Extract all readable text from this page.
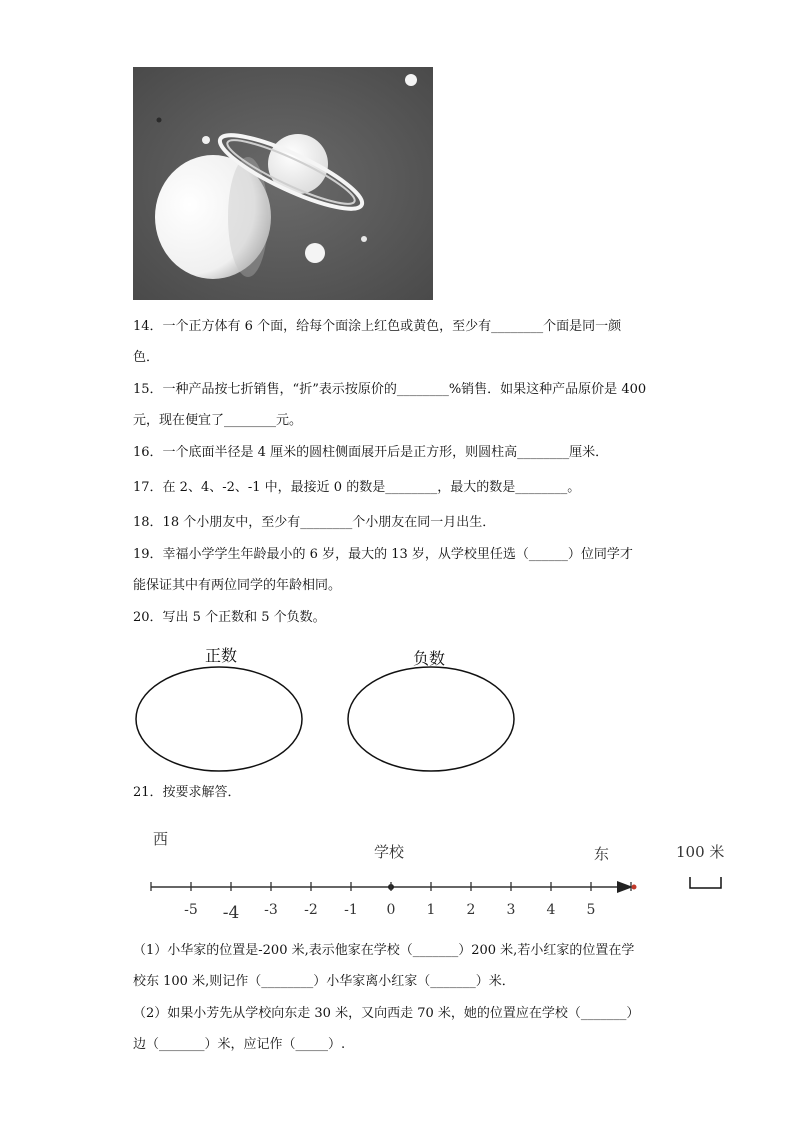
14．一个正方体有 6 个面，给每个面涂上红色或黄色，至少有________个面是同一颜
色．
15．一种产品按七折销售，“折”表示按原价的________%销售．如果这种产品原价是 400
元，现在便宜了________元。
16．一个底面半径是 4 厘米的圆柱侧面展开后是正方形，则圆柱高________厘米．
17．在 2、4、-2、-1 中，最接近 0 的数是________，最大的数是________。
18．18 个小朋友中，至少有________个小朋友在同一月出生．
19．幸福小学学生年龄最小的 6 岁，最大的 13 岁，从学校里任选（______）位同学才
能保证其中有两位同学的年龄相同。
20．写出 5 个正数和 5 个负数。
正数	负数
21．按要求解答．
西
学校	东	100 米
-5 -4 -3 -2 -1 0 1 2 3 4 5
（1）小华家的位置是-200 米,表示他家在学校（_______）200 米,若小红家的位置在学
校东 100 米,则记作（________）小华家离小红家（_______）米．
（2）如果小芳先从学校向东走 30 米，又向西走 70 米，她的位置应在学校（_______）
边（_______）米，应记作（_____）.
